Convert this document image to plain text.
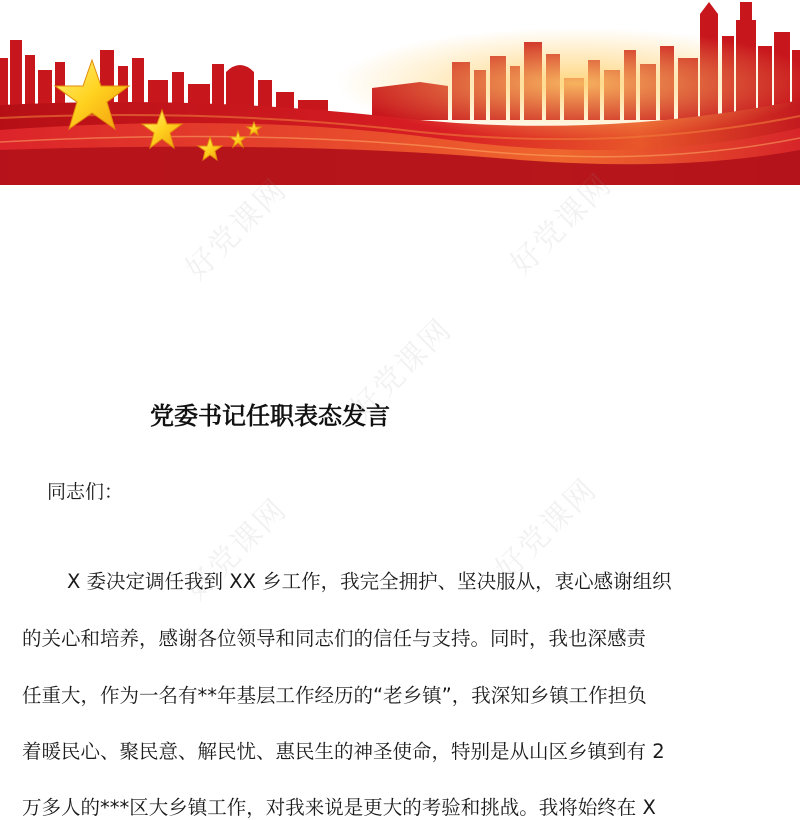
好党课网	好党课网
好党课网
好党课网	好党课网
党委书记任职表态发言
同志们：
X 委决定调任我到 XX 乡工作，我完全拥护、坚决服从，衷心感谢组织
的关心和培养，感谢各位领导和同志们的信任与支持。同时，我也深感责
任重大，作为一名有**年基层工作经历的“老乡镇”，我深知乡镇工作担负
着暖民心、聚民意、解民忧、惠民生的神圣使命，特别是从山区乡镇到有 2
万多人的***区大乡镇工作，对我来说是更大的考验和挑战。我将始终在 X
